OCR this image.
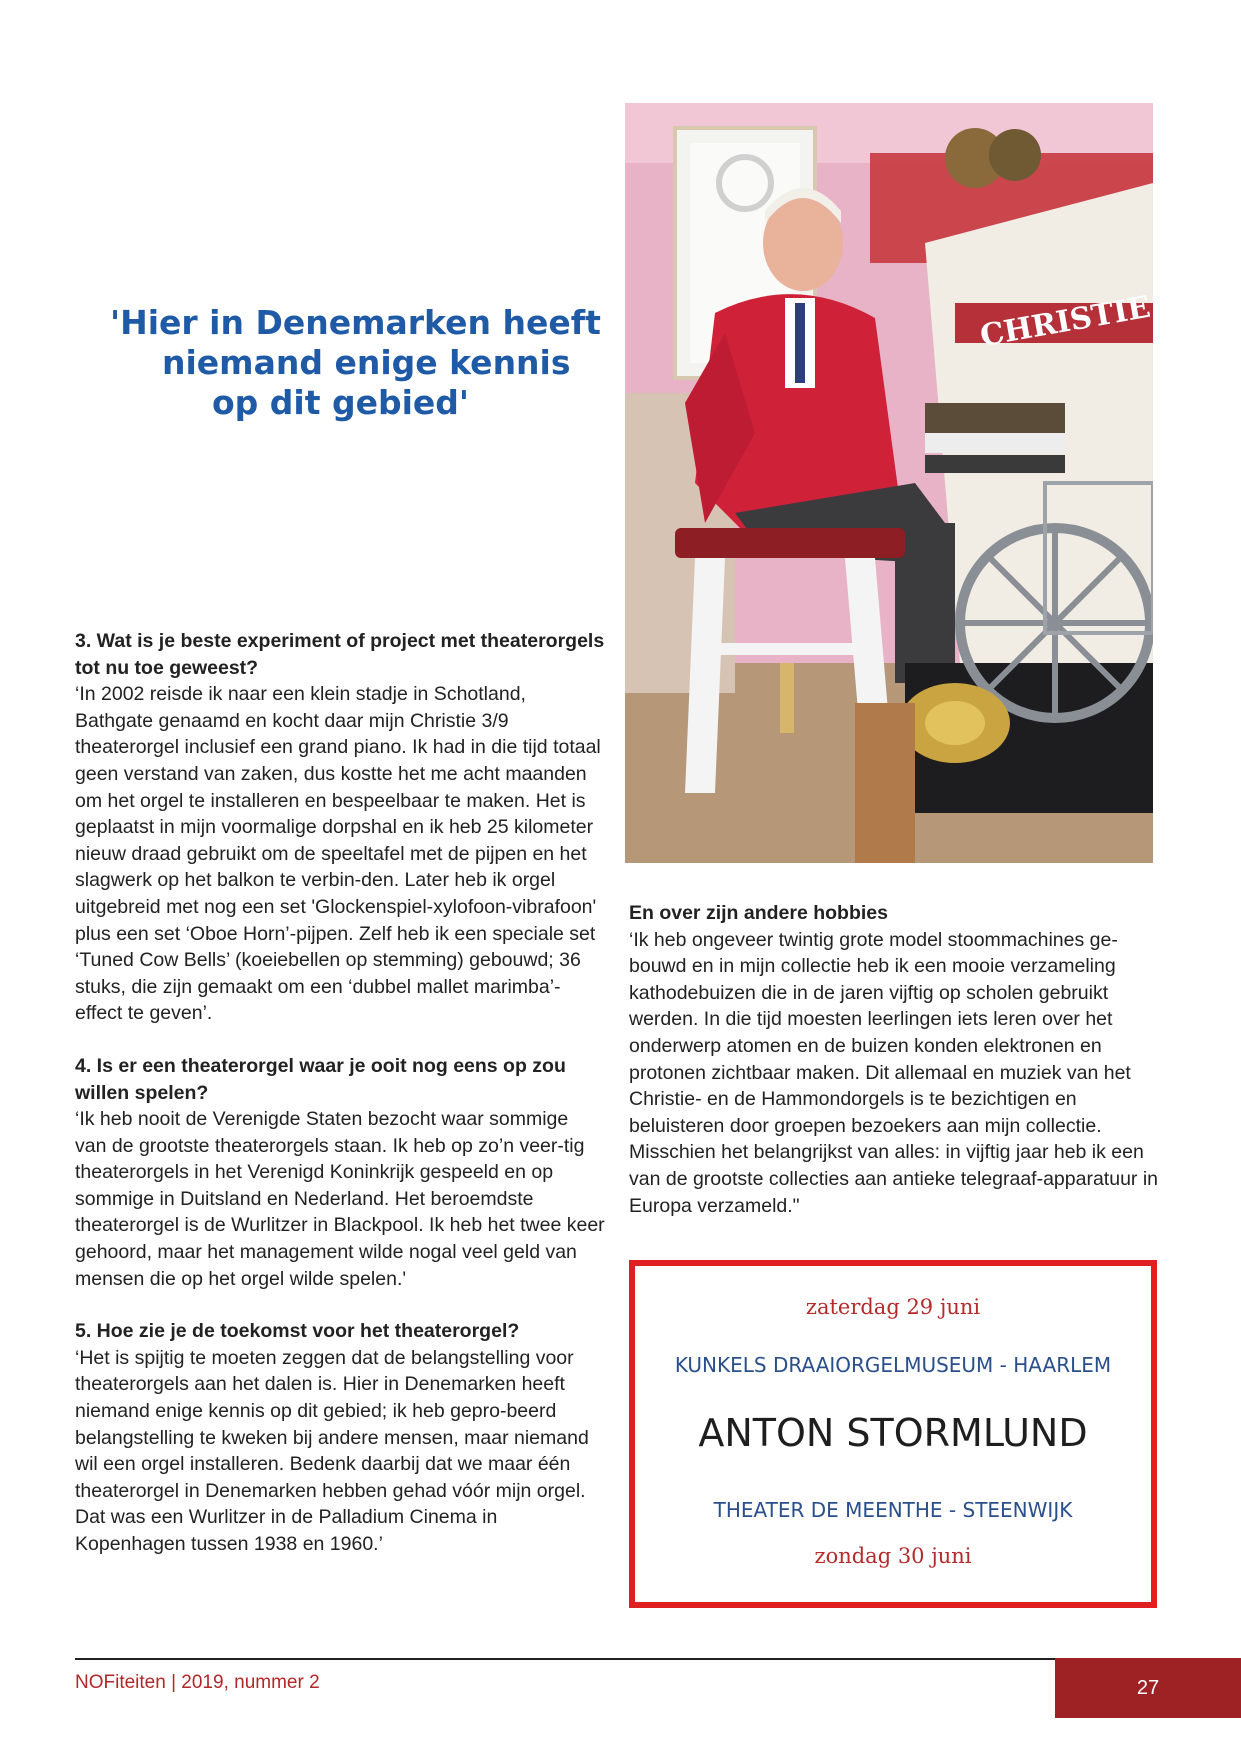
'Hier in Denemarken heeft
niemand enige kennis
op dit gebied'
CHRISTIE
3. Wat is je beste experiment of project met theaterorgels tot nu toe geweest?
‘In 2002 reisde ik naar een klein stadje in Schotland, Bathgate genaamd en kocht daar mijn Christie 3/9 theaterorgel inclusief een grand piano. Ik had in die tijd totaal geen verstand van zaken, dus kostte het me acht maanden om het orgel te installeren en bespeelbaar te maken. Het is geplaatst in mijn voormalige dorpshal en ik heb 25 kilometer nieuw draad gebruikt om de speeltafel met de pijpen en het slagwerk op het balkon te verbin-den. Later heb ik orgel uitgebreid met nog een set 'Glockenspiel-xylofoon-vibrafoon' plus een set ‘Oboe Horn’-pijpen. Zelf heb ik een speciale set ‘Tuned Cow Bells’ (koeiebellen op stemming) gebouwd; 36 stuks, die zijn gemaakt om een ‘dubbel mallet marimba’-effect te geven’.
4. Is er een theaterorgel waar je ooit nog eens op zou willen spelen?
‘Ik heb nooit de Verenigde Staten bezocht waar sommige van de grootste theaterorgels staan. Ik heb op zo’n veer-tig theaterorgels in het Verenigd Koninkrijk gespeeld en op sommige in Duitsland en Nederland. Het beroemdste theaterorgel is de Wurlitzer in Blackpool. Ik heb het twee keer gehoord, maar het management wilde nogal veel geld van mensen die op het orgel wilde spelen.'
5. Hoe zie je de toekomst voor het theaterorgel?
‘Het is spijtig te moeten zeggen dat de belangstelling voor theaterorgels aan het dalen is. Hier in Denemarken heeft niemand enige kennis op dit gebied; ik heb gepro-beerd belangstelling te kweken bij andere mensen, maar niemand wil een orgel installeren. Bedenk daarbij dat we maar één theaterorgel in Denemarken hebben gehad vóór mijn orgel. Dat was een Wurlitzer in de Palladium Cinema in Kopenhagen tussen 1938 en 1960.’
En over zijn andere hobbies
‘Ik heb ongeveer twintig grote model stoommachines ge-bouwd en in mijn collectie heb ik een mooie verzameling kathodebuizen die in de jaren vijftig op scholen gebruikt werden. In die tijd moesten leerlingen iets leren over het onderwerp atomen en de buizen konden elektronen en protonen zichtbaar maken. Dit allemaal en muziek van het Christie- en de Hammondorgels is te bezichtigen en beluisteren door groepen bezoekers aan mijn collectie. Misschien het belangrijkst van alles: in vijftig jaar heb ik een van de grootste collecties aan antieke telegraaf-apparatuur in Europa verzameld."
zaterdag 29 juni
KUNKELS DRAAIORGELMUSEUM - HAARLEM
ANTON STORMLUND
THEATER DE MEENTHE - STEENWIJK
zondag 30 juni
NOFiteiten | 2019, nummer 2	27
